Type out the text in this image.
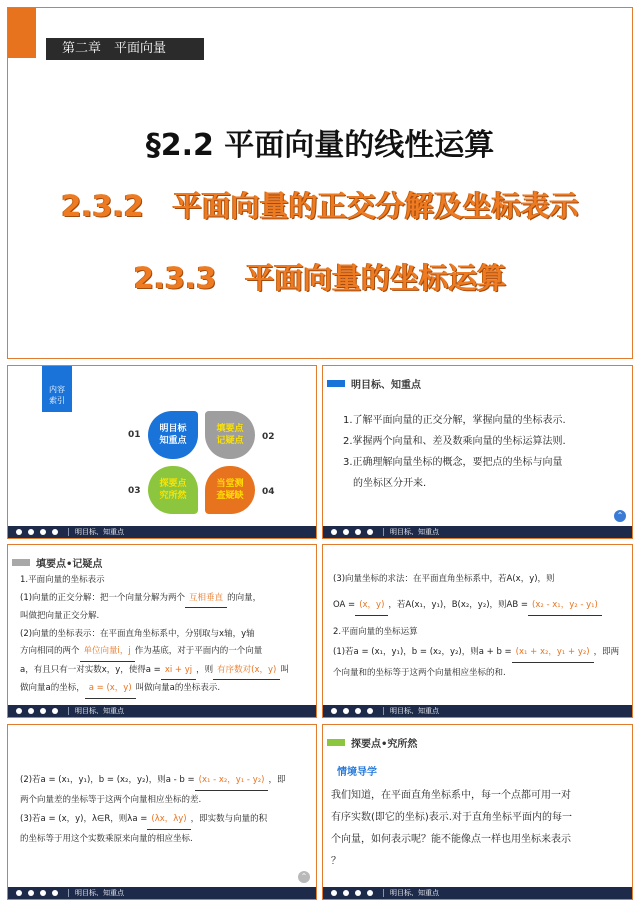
第二章　平面向量
§2.2 平面向量的线性运算
2.3.2　平面向量的正交分解及坐标表示
2.3.3　平面向量的坐标运算
内容
索引
01	02
03	04
明目标
知重点
填要点
记疑点
探要点
究所然
当堂测
查疑缺
明目标、知重点
明目标、知重点

1.了解平面向量的正交分解，掌握向量的坐标表示.

2.掌握两个向量和、差及数乘向量的坐标运算法则.

3.正确理解向量坐标的概念，要把点的坐标与向量

的坐标区分开来.

⌃
明目标、知重点
填要点•记疑点

1.平面向量的坐标表示

(1)向量的正交分解：把一个向量分解为两个 互相垂直 的向量，

叫做把向量正交分解.

(2)向量的坐标表示：在平面直角坐标系中，分别取与x轴，y轴

方向相同的两个 单位向量i，j 作为基底，对于平面内的一个向量

a，有且只有一对实数x，y，使得a = xi + yj ，则 有序数对(x，y) 叫

做向量a的坐标， a = (x，y) 叫做向量a的坐标表示.

明目标、知重点

(3)向量坐标的求法：在平面直角坐标系中，若A(x，y)，则

OA = (x，y) ，若A(x₁，y₁)，B(x₂，y₂)，则AB = (x₂ - x₁，y₂ - y₁)

2.平面向量的坐标运算

(1)若a = (x₁，y₁)，b = (x₂，y₂)，则a + b = (x₁ + x₂，y₁ + y₂) ，即两

个向量和的坐标等于这两个向量相应坐标的和.

明目标、知重点

(2)若a = (x₁，y₁)，b = (x₂，y₂)，则a - b = (x₁ - x₂，y₁ - y₂) ，即

两个向量差的坐标等于这两个向量相应坐标的差.

(3)若a = (x，y)，λ∈R，则λa = (λx，λy) ，即实数与向量的积

的坐标等于用这个实数乘原来向量的相应坐标.

⌃
明目标、知重点
探要点•究所然
情境导学

我们知道，在平面直角坐标系中，每一个点都可用一对

有序实数(即它的坐标)表示.对于直角坐标平面内的每一

个向量，如何表示呢？能不能像点一样也用坐标来表示

？

明目标、知重点
